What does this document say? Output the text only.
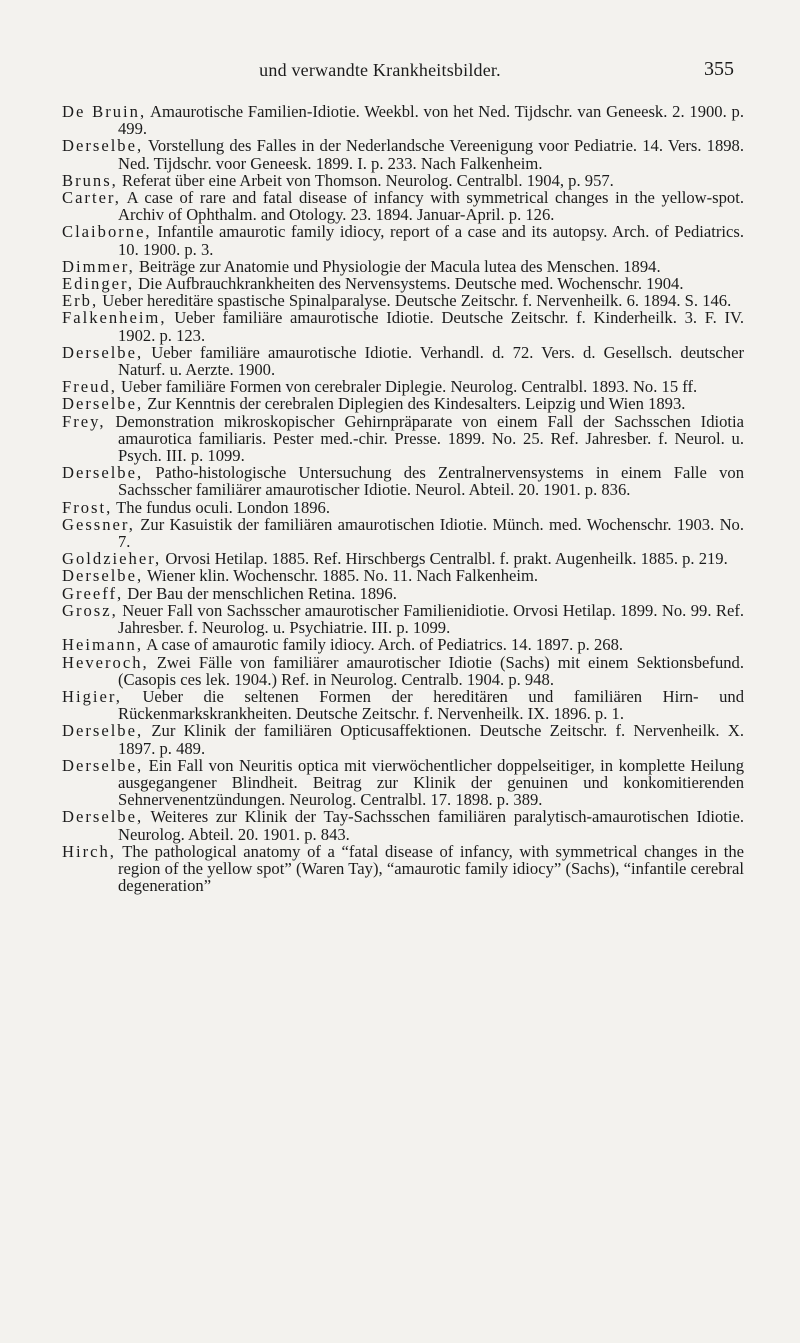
und verwandte Krankheitsbilder.	355

De Bruin, Amaurotische Familien-Idiotie. Weekbl. von het Ned. Tijdschr. van Geneesk. 2. 1900. p. 499.

Derselbe, Vorstellung des Falles in der Nederlandsche Vereenigung voor Pediatrie. 14. Vers. 1898. Ned. Tijdschr. voor Geneesk. 1899. I. p. 233. Nach Falkenheim.

Bruns, Referat über eine Arbeit von Thomson. Neurolog. Centralbl. 1904, p. 957.

Carter, A case of rare and fatal disease of infancy with symmetrical changes in the yellow-spot. Archiv of Ophthalm. and Otology. 23. 1894. Januar-April. p. 126.

Claiborne, Infantile amaurotic family idiocy, report of a case and its autopsy. Arch. of Pediatrics. 10. 1900. p. 3.

Dimmer, Beiträge zur Anatomie und Physiologie der Macula lutea des Menschen. 1894.

Edinger, Die Aufbrauchkrankheiten des Nervensystems. Deutsche med. Wochenschr. 1904.

Erb, Ueber hereditäre spastische Spinalparalyse. Deutsche Zeitschr. f. Nervenheilk. 6. 1894. S. 146.

Falkenheim, Ueber familiäre amaurotische Idiotie. Deutsche Zeitschr. f. Kinderheilk. 3. F. IV. 1902. p. 123.

Derselbe, Ueber familiäre amaurotische Idiotie. Verhandl. d. 72. Vers. d. Gesellsch. deutscher Naturf. u. Aerzte. 1900.

Freud, Ueber familiäre Formen von cerebraler Diplegie. Neurolog. Centralbl. 1893. No. 15 ff.

Derselbe, Zur Kenntnis der cerebralen Diplegien des Kindesalters. Leipzig und Wien 1893.

Frey, Demonstration mikroskopischer Gehirnpräparate von einem Fall der Sachsschen Idiotia amaurotica familiaris. Pester med.-chir. Presse. 1899. No. 25. Ref. Jahresber. f. Neurol. u. Psych. III. p. 1099.

Derselbe, Patho-histologische Untersuchung des Zentralnervensystems in einem Falle von Sachsscher familiärer amaurotischer Idiotie. Neurol. Abteil. 20. 1901. p. 836.

Frost, The fundus oculi. London 1896.

Gessner, Zur Kasuistik der familiären amaurotischen Idiotie. Münch. med. Wochenschr. 1903. No. 7.

Goldzieher, Orvosi Hetilap. 1885. Ref. Hirschbergs Centralbl. f. prakt. Augenheilk. 1885. p. 219.

Derselbe, Wiener klin. Wochenschr. 1885. No. 11. Nach Falkenheim.

Greeff, Der Bau der menschlichen Retina. 1896.

Grosz, Neuer Fall von Sachsscher amaurotischer Familienidiotie. Orvosi Hetilap. 1899. No. 99. Ref. Jahresber. f. Neurolog. u. Psychiatrie. III. p. 1099.

Heimann, A case of amaurotic family idiocy. Arch. of Pediatrics. 14. 1897. p. 268.

Heveroch, Zwei Fälle von familiärer amaurotischer Idiotie (Sachs) mit einem Sektionsbefund. (Casopis ces lek. 1904.) Ref. in Neurolog. Centralb. 1904. p. 948.

Higier, Ueber die seltenen Formen der hereditären und familiären Hirn- und Rückenmarkskrankheiten. Deutsche Zeitschr. f. Nervenheilk. IX. 1896. p. 1.

Derselbe, Zur Klinik der familiären Opticusaffektionen. Deutsche Zeitschr. f. Nervenheilk. X. 1897. p. 489.

Derselbe, Ein Fall von Neuritis optica mit vierwöchentlicher doppelseitiger, in komplette Heilung ausgegangener Blindheit. Beitrag zur Klinik der genuinen und konkomitierenden Sehnervenentzündungen. Neurolog. Centralbl. 17. 1898. p. 389.

Derselbe, Weiteres zur Klinik der Tay-Sachsschen familiären paralytisch-amaurotischen Idiotie. Neurolog. Abteil. 20. 1901. p. 843.

Hirch, The pathological anatomy of a “fatal disease of infancy, with symmetrical changes in the region of the yellow spot” (Waren Tay), “amaurotic family idiocy” (Sachs), “infantile cerebral degeneration”
